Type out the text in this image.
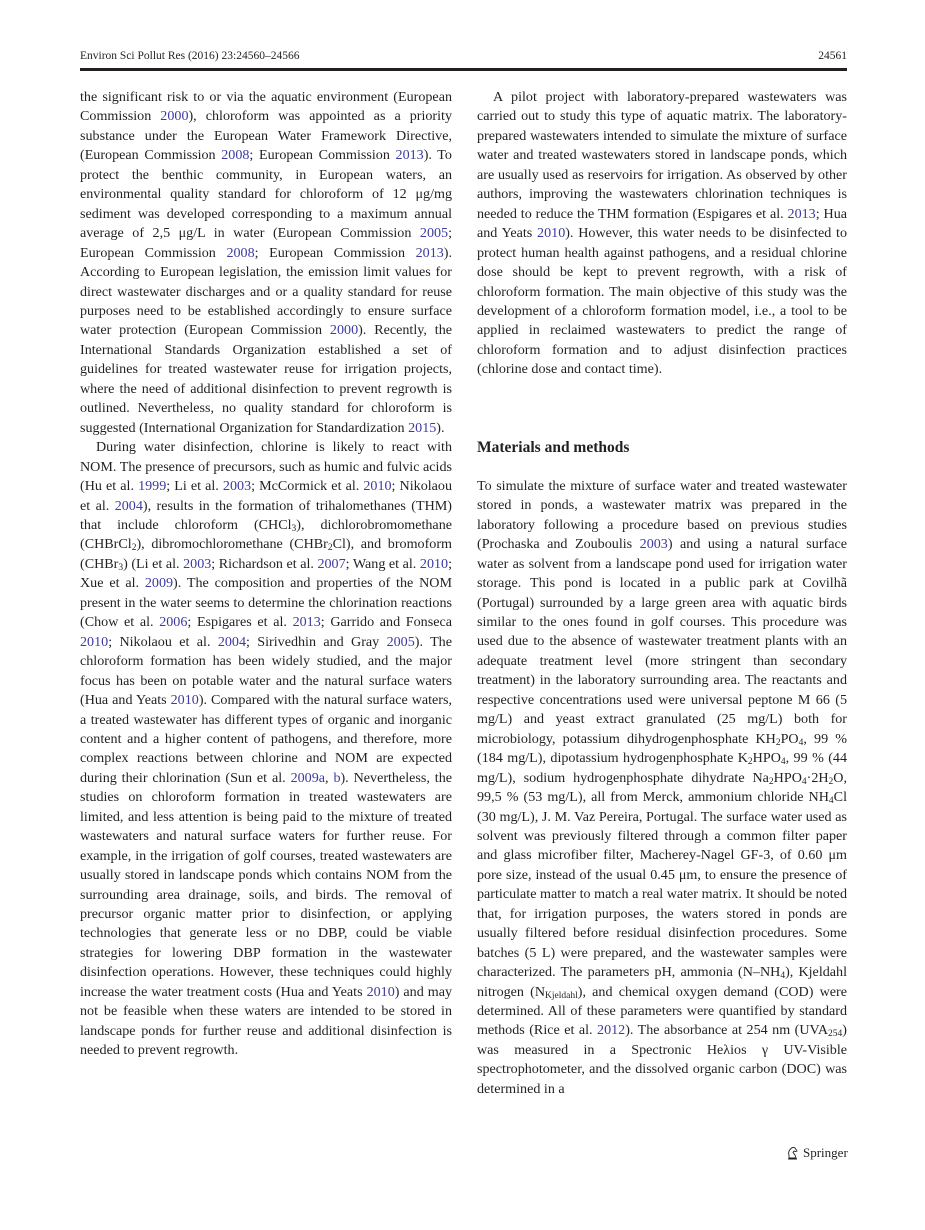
Environ Sci Pollut Res (2016) 23:24560–24566	24561

the significant risk to or via the aquatic environment (European Commission 2000), chloroform was appointed as a priority substance under the European Water Framework Directive, (European Commission 2008; European Commission 2013). To protect the benthic community, in European waters, an environmental quality standard for chloroform of 12 μg/mg sediment was developed corresponding to a maximum annual average of 2,5 μg/L in water (European Commission 2005; European Commission 2008; European Commission 2013). According to European legislation, the emission limit values for direct wastewater discharges and or a quality standard for reuse purposes need to be established accordingly to ensure surface water protection (European Commission 2000). Recently, the International Standards Organization established a set of guidelines for treated wastewater reuse for irrigation projects, where the need of additional disinfection to prevent regrowth is outlined. Nevertheless, no quality standard for chloroform is suggested (International Organization for Standardization 2015).

During water disinfection, chlorine is likely to react with NOM. The presence of precursors, such as humic and fulvic acids (Hu et al. 1999; Li et al. 2003; McCormick et al. 2010; Nikolaou et al. 2004), results in the formation of trihalomethanes (THM) that include chloroform (CHCl$_3$), dichlorobromomethane (CHBrCl$_2$), dibromochloromethane (CHBr$_2$Cl), and bromoform (CHBr$_3$) (Li et al. 2003; Richardson et al. 2007; Wang et al. 2010; Xue et al. 2009). The composition and properties of the NOM present in the water seems to determine the chlorination reactions (Chow et al. 2006; Espigares et al. 2013; Garrido and Fonseca 2010; Nikolaou et al. 2004; Sirivedhin and Gray 2005). The chloroform formation has been widely studied, and the major focus has been on potable water and the natural surface waters (Hua and Yeats 2010). Compared with the natural surface waters, a treated wastewater has different types of organic and inorganic content and a higher content of pathogens, and therefore, more complex reactions between chlorine and NOM are expected during their chlorination (Sun et al. 2009a, b). Nevertheless, the studies on chloroform formation in treated wastewaters are limited, and less attention is being paid to the mixture of treated wastewaters and natural surface waters for further reuse. For example, in the irrigation of golf courses, treated wastewaters are usually stored in landscape ponds which contains NOM from the surrounding area drainage, soils, and birds. The removal of precursor organic matter prior to disinfection, or applying technologies that generate less or no DBP, could be viable strategies for lowering DBP formation in the wastewater disinfection operations. However, these techniques could highly increase the water treatment costs (Hua and Yeats 2010) and may not be feasible when these waters are intended to be stored in landscape ponds for further reuse and additional disinfection is needed to prevent regrowth.

A pilot project with laboratory-prepared wastewaters was carried out to study this type of aquatic matrix. The laboratory-prepared wastewaters intended to simulate the mixture of surface water and treated wastewaters stored in landscape ponds, which are usually used as reservoirs for irrigation. As observed by other authors, improving the wastewaters chlorination techniques is needed to reduce the THM formation (Espigares et al. 2013; Hua and Yeats 2010). However, this water needs to be disinfected to protect human health against pathogens, and a residual chlorine dose should be kept to prevent regrowth, with a risk of chloroform formation. The main objective of this study was the development of a chloroform formation model, i.e., a tool to be applied in reclaimed wastewaters to predict the range of chloroform formation and to adjust disinfection practices (chlorine dose and contact time).

Materials and methods

To simulate the mixture of surface water and treated wastewater stored in ponds, a wastewater matrix was prepared in the laboratory following a procedure based on previous studies (Prochaska and Zouboulis 2003) and using a natural surface water as solvent from a landscape pond used for irrigation water storage. This pond is located in a public park at Covilhã (Portugal) surrounded by a large green area with aquatic birds similar to the ones found in golf courses. This procedure was used due to the absence of wastewater treatment plants with an adequate treatment level (more stringent than secondary treatment) in the laboratory surrounding area. The reactants and respective concentrations used were universal peptone M 66 (5 mg/L) and yeast extract granulated (25 mg/L) both for microbiology, potassium dihydrogenphosphate $KH_2PO_4$, 99 % (184 mg/L), dipotassium hydrogenphosphate $K_2HPO_4$, 99 % (44 mg/L), sodium hydrogenphosphate dihydrate $Na_2HPO_4\cdot 2H_2O$, 99,5 % (53 mg/L), all from Merck, ammonium chloride $NH_4Cl$ (30 mg/L), J. M. Vaz Pereira, Portugal. The surface water used as solvent was previously filtered through a common filter paper and glass microfiber filter, Macherey-Nagel GF-3, of 0.60 μm pore size, instead of the usual 0.45 μm, to ensure the presence of particulate matter to match a real water matrix. It should be noted that, for irrigation purposes, the waters stored in ponds are usually filtered before residual disinfection procedures. Some batches (5 L) were prepared, and the wastewater samples were characterized. The parameters pH, ammonia $(N-NH_4)$, Kjeldahl nitrogen $(N_{Kjeldahl})$, and chemical oxygen demand (COD) were determined. All of these parameters were quantified by standard methods (Rice et al. 2012). The absorbance at 254 nm $(UVA_{254})$ was measured in a Spectronic Heλios γ UV-Visible spectrophotometer, and the dissolved organic carbon (DOC) was determined in a

Springer
